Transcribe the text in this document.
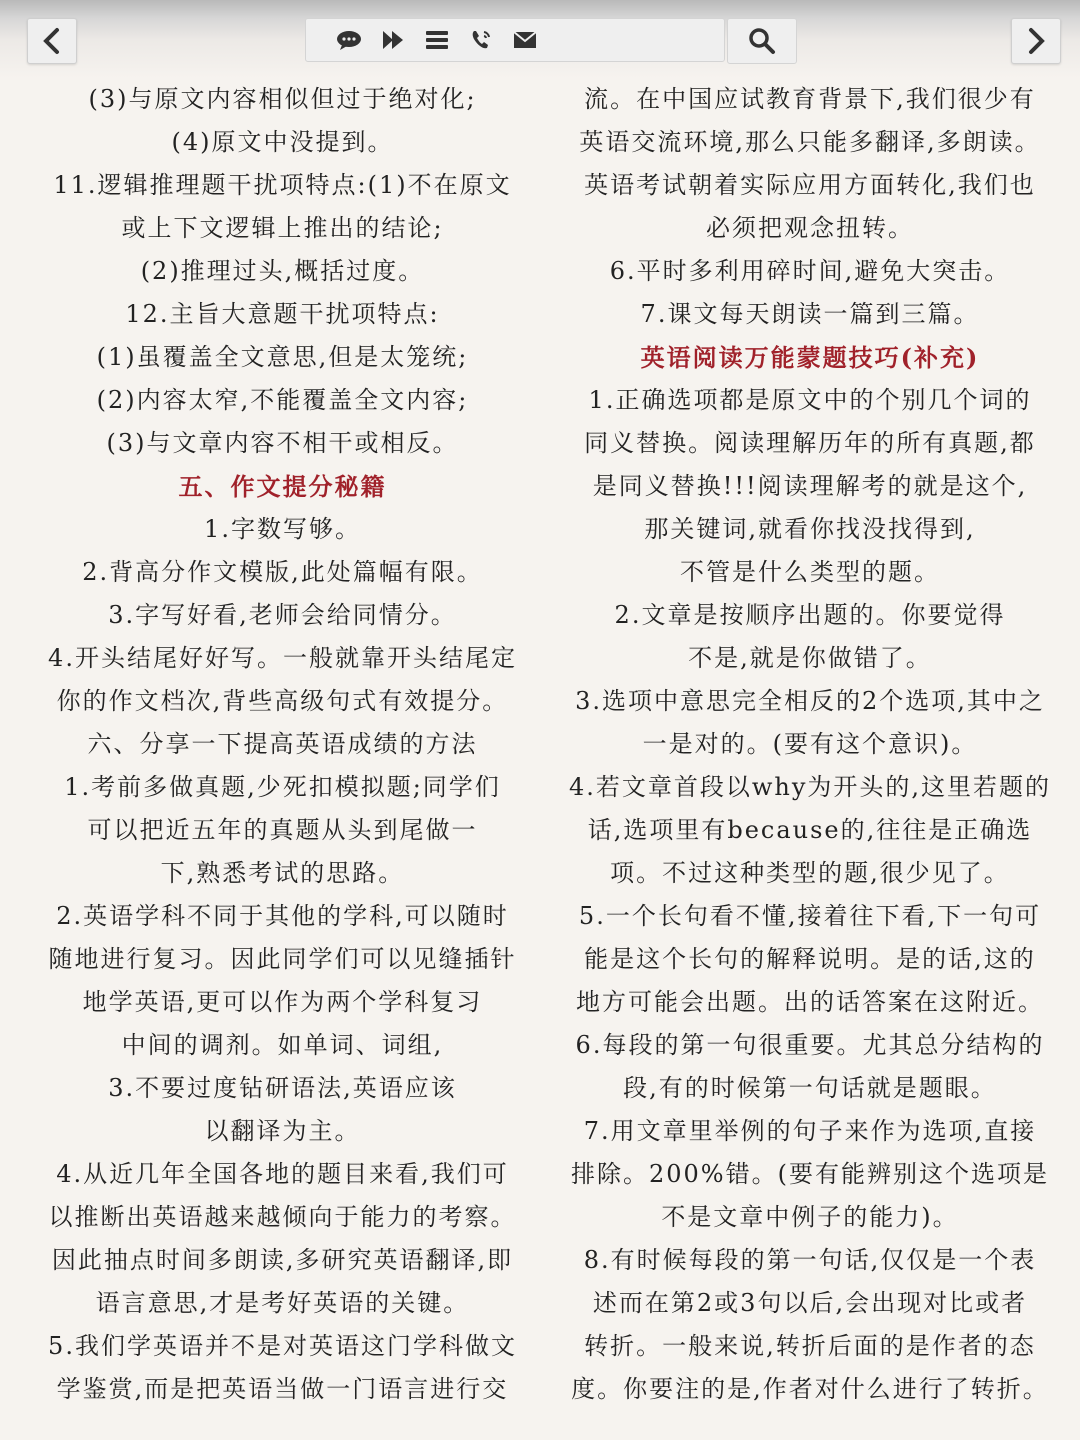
(3)与原文内容相似但过于绝对化;
(4)原文中没提到。
11.逻辑推理题干扰项特点:(1)不在原文
或上下文逻辑上推出的结论;
(2)推理过头,概括过度。
12.主旨大意题干扰项特点:
(1)虽覆盖全文意思,但是太笼统;
(2)内容太窄,不能覆盖全文内容;
(3)与文章内容不相干或相反。
五、作文提分秘籍
1.字数写够。
2.背高分作文模版,此处篇幅有限。
3.字写好看,老师会给同情分。
4.开头结尾好好写。一般就靠开头结尾定
你的作文档次,背些高级句式有效提分。
六、分享一下提高英语成绩的方法
1.考前多做真题,少死扣模拟题;同学们
可以把近五年的真题从头到尾做一
下,熟悉考试的思路。
2.英语学科不同于其他的学科,可以随时
随地进行复习。因此同学们可以见缝插针
地学英语,更可以作为两个学科复习
中间的调剂。如单词、词组,
3.不要过度钻研语法,英语应该
以翻译为主。
4.从近几年全国各地的题目来看,我们可
以推断出英语越来越倾向于能力的考察。
因此抽点时间多朗读,多研究英语翻译,即
语言意思,才是考好英语的关键。
5.我们学英语并不是对英语这门学科做文
学鉴赏,而是把英语当做一门语言进行交
流。在中国应试教育背景下,我们很少有
英语交流环境,那么只能多翻译,多朗读。
英语考试朝着实际应用方面转化,我们也
必须把观念扭转。
6.平时多利用碎时间,避免大突击。
7.课文每天朗读一篇到三篇。
英语阅读万能蒙题技巧(补充)
1.正确选项都是原文中的个别几个词的
同义替换。阅读理解历年的所有真题,都
是同义替换!!!阅读理解考的就是这个,
那关键词,就看你找没找得到,
不管是什么类型的题。
2.文章是按顺序出题的。你要觉得
不是,就是你做错了。
3.选项中意思完全相反的2个选项,其中之
一是对的。(要有这个意识)。
4.若文章首段以why为开头的,这里若题的
话,选项里有because的,往往是正确选
项。不过这种类型的题,很少见了。
5.一个长句看不懂,接着往下看,下一句可
能是这个长句的解释说明。是的话,这的
地方可能会出题。出的话答案在这附近。
6.每段的第一句很重要。尤其总分结构的
段,有的时候第一句话就是题眼。
7.用文章里举例的句子来作为选项,直接
排除。200%错。(要有能辨别这个选项是
不是文章中例子的能力)。
8.有时候每段的第一句话,仅仅是一个表
述而在第2或3句以后,会出现对比或者
转折。一般来说,转折后面的是作者的态
度。你要注的是,作者对什么进行了转折。
